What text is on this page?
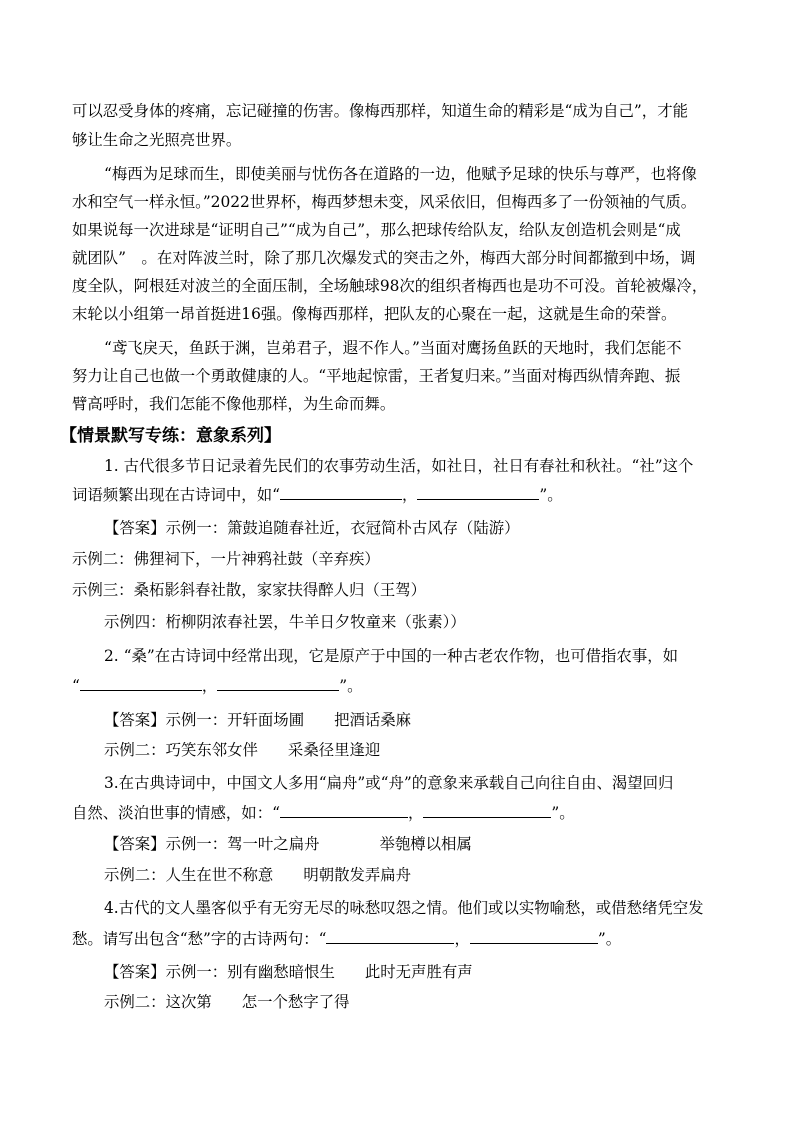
可以忍受身体的疼痛，忘记碰撞的伤害。像梅西那样，知道生命的精彩是“成为自己”，才能

够让生命之光照亮世界。

“梅西为足球而生，即使美丽与忧伤各在道路的一边，他赋予足球的快乐与尊严，也将像

水和空气一样永恒。”2022世界杯，梅西梦想未变，风采依旧，但梅西多了一份领袖的气质。

如果说每一次进球是“证明自己”“成为自己”，那么把球传给队友，给队友创造机会则是“成

就团队”　。在对阵波兰时，除了那几次爆发式的突击之外，梅西大部分时间都撤到中场，调

度全队，阿根廷对波兰的全面压制，全场触球98次的组织者梅西也是功不可没。首轮被爆冷，

末轮以小组第一昂首挺进16强。像梅西那样，把队友的心聚在一起，这就是生命的荣誉。

“鸢飞戾天，鱼跃于渊，岂弟君子，遐不作人。”当面对鹰扬鱼跃的天地时，我们怎能不

努力让自己也做一个勇敢健康的人。“平地起惊雷，王者复归来。”当面对梅西纵情奔跑、振

臂高呼时，我们怎能不像他那样，为生命而舞。

【情景默写专练：意象系列】

1. 古代很多节日记录着先民们的农事劳动生活，如社日，社日有春社和秋社。“社”这个

词语频繁出现在古诗词中，如“	，	”。

【答案】示例一：箫鼓追随春社近，衣冠简朴古风存（陆游）

示例二：佛狸祠下，一片神鸦社鼓（辛弃疾）

示例三：桑柘影斜春社散，家家扶得醉人归（王驾）

示例四：桁柳阴浓春社罢，牛羊日夕牧童来（张素））

2. “桑”在古诗词中经常出现，它是原产于中国的一种古老农作物，也可借指农事，如

“	，	”。

【答案】示例一：开轩面场圃 把酒话桑麻

示例二：巧笑东邻女伴 采桑径里逢迎

3.在古典诗词中，中国文人多用“扁舟”或“舟”的意象来承载自己向往自由、渴望回归

自然、淡泊世事的情感，如：“	，	”。

【答案】示例一：驾一叶之扁舟	举匏樽以相属

示例二：人生在世不称意 明朝散发弄扁舟

4.古代的文人墨客似乎有无穷无尽的咏愁叹怨之情。他们或以实物喻愁，或借愁绪凭空发

愁。请写出包含“愁”字的古诗两句：“	，	”。

【答案】示例一：别有幽愁暗恨生 此时无声胜有声

示例二：这次第 怎一个愁字了得
